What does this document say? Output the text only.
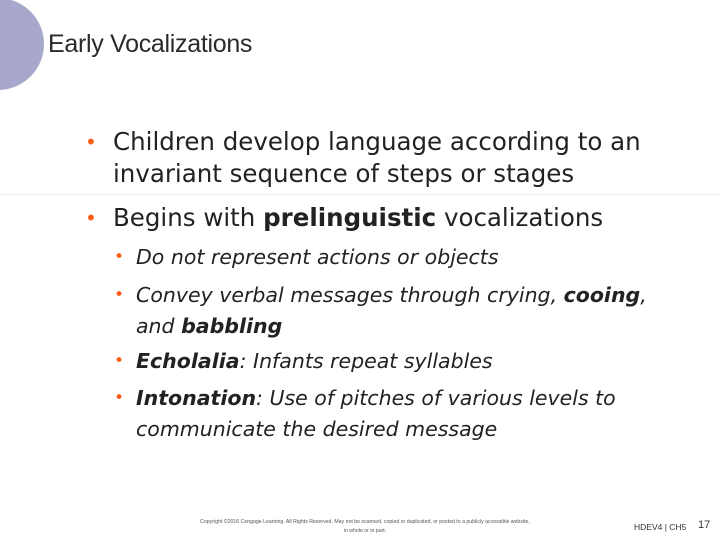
Early Vocalizations
• Children develop language according to an
invariant sequence of steps or stages
• Begins with prelinguistic vocalizations
• Do not represent actions or objects
• Convey verbal messages through crying, cooing,
and babbling
• Echolalia: Infants repeat syllables
• Intonation: Use of pitches of various levels to
communicate the desired message
Copyright ©2016 Cengage Learning. All Rights Reserved. May not be scanned, copied or duplicated, or posted to a publicly accessible website,
in whole or in part.	HDEV4 | CH5 17
